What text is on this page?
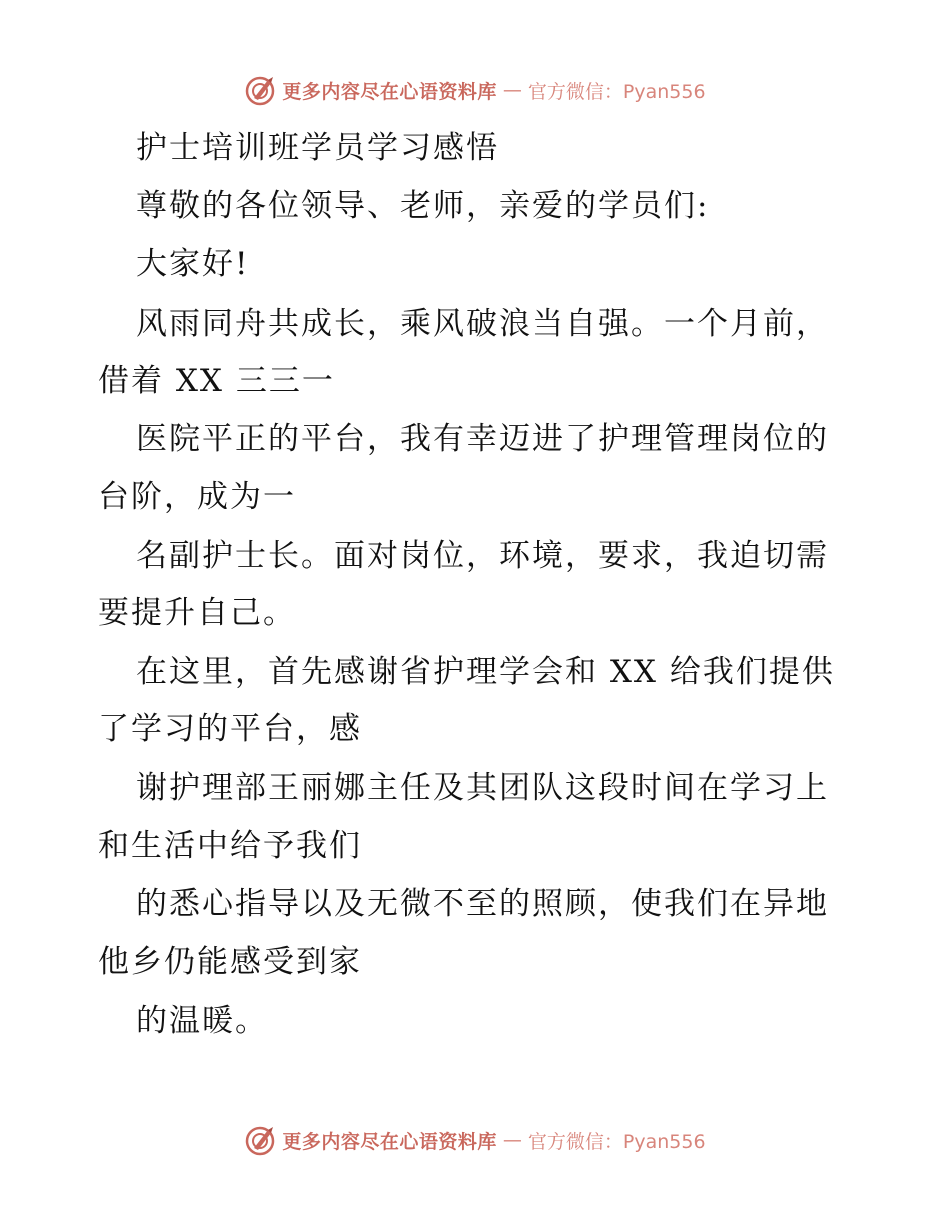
更多内容尽在心语资料库 — 官方微信：Pyan556
护士培训班学员学习感悟
尊敬的各位领导、老师，亲爱的学员们:
大家好!
风雨同舟共成长，乘风破浪当自强。一个月前，
借着 XX 三三一
医院平正的平台，我有幸迈进了护理管理岗位的
台阶，成为一
名副护士长。面对岗位，环境，要求，我迫切需
要提升自己。
在这里，首先感谢省护理学会和 XX 给我们提供
了学习的平台，感
谢护理部王丽娜主任及其团队这段时间在学习上
和生活中给予我们
的悉心指导以及无微不至的照顾，使我们在异地
他乡仍能感受到家
的温暖。
更多内容尽在心语资料库 — 官方微信：Pyan556
